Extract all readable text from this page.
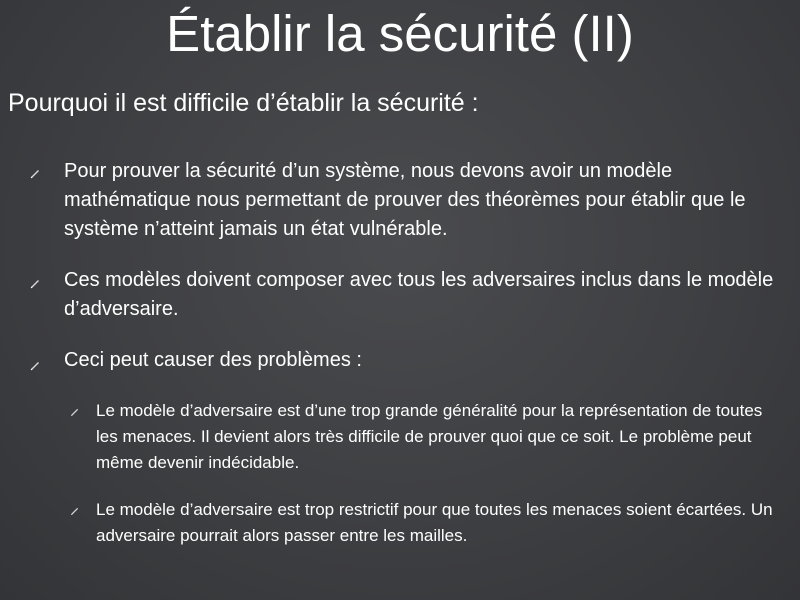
Établir la sécurité (II)

Pourquoi il est difficile d’établir la sécurité :

Pour prouver la sécurité d’un système, nous devons avoir un modèle mathématique nous permettant de prouver des théorèmes pour établir que le système n’atteint jamais un état vulnérable.
Ces modèles doivent composer avec tous les adversaires inclus dans le modèle d’adversaire.
Ceci peut causer des problèmes :
Le modèle d’adversaire est d’une trop grande généralité pour la représentation de toutes les menaces. Il devient alors très difficile de prouver quoi que ce soit. Le problème peut même devenir indécidable.
Le modèle d’adversaire est trop restrictif pour que toutes les menaces soient écartées. Un adversaire pourrait alors passer entre les mailles.
